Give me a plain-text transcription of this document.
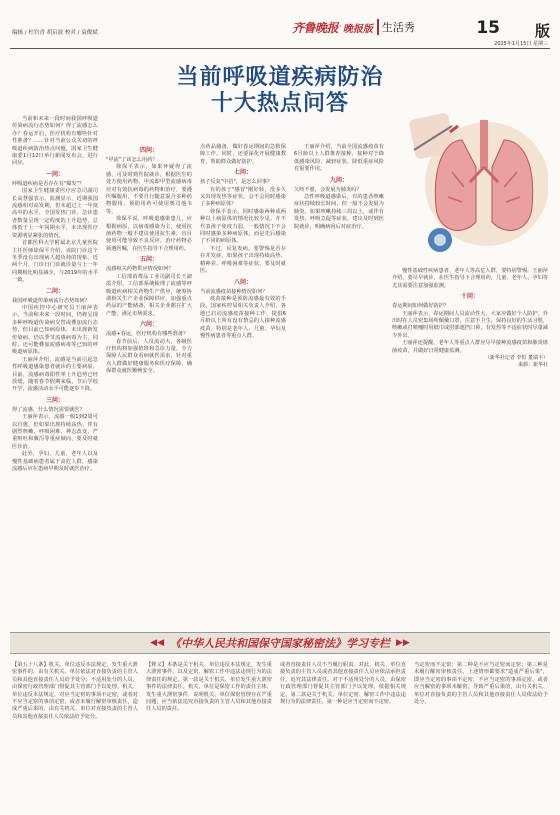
编辑 / 杜钓青 胡启波 校对 / 袁俊斌	齐鲁晚报 · 晚报版 生活秀	15 版
2025年1月15日 星期三
当前呼吸道疾病防治
十大热点问答

当前和未来一段时间我国呼吸道传染病流行态势如何？得了流感怎么办？春运开启，医疗机构有哪些针对性准备？……针对当前公众关切的呼吸道疾病防治热点问题，国家卫生健康委1月12日举行新闻发布会，进行回应。

一问：

呼吸道疾病是否存在有"爆发"？

国家卫生健康委医疗应急司副司长高慧强表示，监测显示，近期我国流感相对高发期，但未超过上一年度高中的水平，全国发热门诊、急诊患者数量呈现一定程度的上升趋势，总体低于上一年同期水平，未出现医疗资源明显紧张的情况。

首都医科大学附属北京儿童医院主任医师徐保平介绍，该院门诊这个冬季没有出现病人超负荷的现象。近两个月，门诊日门诊就诊量与上一年同期相比明显减少，与2019年的水平一致。

二问：

我国呼吸道传染病流行态势如何？

中国疾控中心研究员王丽萍表示，当前和未来一段时间，仍将呈现多种呼吸道传染病交替或叠加流行态势，但目前已知病原体，未出现新发传染病，仍以季节流感病毒为主，同时，还可能叠加流感病毒等已知的呼吸道病原体。

王丽萍介绍，流感是当前引起急性呼吸道感染患者就诊的主要病原。目前，流感病毒阳性率上升趋势已经放缓，随着春节假期来临，节后学校开学，流感活动水平可能逐步下降。

三问：

得了流感，什么情况需要就医？

王丽萍表示，流感一般1到2周可以自愈，但如果出现持续高热、伴有剧烈咳嗽、呼吸困难、神志改变、严重呕吐和腹泻等重症倾向，要及时就医诊治。

此外，孕妇、儿童、老年人以及慢性基础病患者属于高危人群，感染流感后应在患病早期及时就医治疗。

四问：

"甲流"了该怎么用药？

徐保平表示，如果怀疑得了流感，可及时到医院就诊，根据医生的处方使用药物。甲流即甲型流感病毒应对有效抗病毒的药物和治疗，要遵医嘱服用，不要自行随意混合多种药物服用，预防用药可使用奥司他韦等。

徐保平说，呼吸道感染患儿，应根据病原，以病毒感染为主，使用抗菌药物一般不建议使用抗生素，盲目使用可能导致不良反应。治疗药物必须遵医嘱，在医生指导下合理用药。

五问：

流感相关药物供应情况如何？

工信部消费品工业司副司长王淑霞介绍，工信部系统梳理了流感等呼吸道疾病相关药物生产供应，统筹协调相关生产企业保障供应，加强重点药品的产能储备，相关企业都在扩大产能，满足市场需求。

六问：

流感+春运，医疗机构有哪些准备？

春节前后，人员流动大，各级医疗机构将加强值班和急诊力量，全力保障人民群众看病就医需求，针对重点人群做好健康服务和医疗保障，确保群众就医顺畅安全。

点药品储备，做好春运期间的急救保障工作，同时，还要深化开展健康教育，帮助群众做好防护。

七问：

孩子反复"中招"，是怎么回事？

有的孩子"感冒"刚好转，没多久又出现发热等症状，会不会同时感染了多种病原体？

徐保平表示，同时感染两种或两种以上病原体的情况比较少见。并不代表孩子免疫力弱，一般情况下不会同时感染多种病原体，而是先后感染了不同的病原体。

不过，反复发病，要警惕是否存在并发症，如果孩子出现持续高热、精神差、呼吸困难等症状，要及时就医。

八问：

当前流感疫苗接种情况如何？

疫苗接种是预防流感最有效的手段。国家疾控局相关负责人介绍，各地已启动流感疫苗接种工作，提倡6月龄以上所有没有禁忌的人接种流感疫苗，特别是老年人、儿童、孕妇及慢性病患者等重点人群。

王丽萍介绍，当前全国流感疫苗有6月龄以上人群推荐接种，接种对于降低感染风险、减轻症状、降低重症风险有重要作用。

九问：

久咳不愈，会发展为肺炎吗？

急性呼吸道感染后，有的患者咳嗽症状持续较长时间，但一般不会发展为肺炎。如果咳嗽持续三周以上，或伴有发热、呼吸急促等症状，建议及时到医院就诊，明确病因后对症治疗。

慢性基础性疾病患者、老年人等高危人群，要特别警惕。王丽萍介绍，要尽早就诊，在医生指导下合理用药，儿童、老年人、孕妇等尤其需要注意加强监测。

十问：

春运期间如何做好防护？

王丽萍表示，春运期间人员流动性大，大家应做好个人防护，外出时在人员密集场所佩戴口罩，注意手卫生，保持良好的生活习惯，咳嗽或打喷嚏时用纸巾或肘部遮挡口鼻，有发热等不适症状时尽量减少外出。

王丽萍还提醒，老年人等重点人群应尽早接种流感疫苗和肺炎球菌疫苗，并做好日常健康监测。

（新华社记者 李恒 董瑞丰）

来源：新华社

◀◀ 《中华人民共和国保守国家秘密法》学习专栏 ▶▶
【第五十八条】机关、单位违反本法规定，发生重大泄密事件的，由有关机关、单位依法对直接负责的主管人员和其他直接责任人员给予处分；不适用处分的人员，由保密行政管理部门督促其主管部门予以处理。机关、单位违反本法规定，对应当定密的事项不定密，或者对不应当定密的事项定密，或者未履行解密审核责任，造成严重后果的，由有关机关、单位对直接负责的主管人员和其他直接责任人员依法给予处分。
【释义】本条是关于机关、单位违反本法规定，发生重大泄密事件，以及定密、解密工作中违法违规行为的法律责任的规定。第一款是关于机关、单位发生重大泄密事件的法律责任。机关、单位是保密工作的责任主体，发生重大泄密事件，说明机关、单位保密管理存在严重问题，应当依法追究直接负责的主管人员和其他直接责任人员的责任。
或者直接责任人员不当履行职责。对此，机关、单位直接负责的主管人员或者其他直接责任人员应依法承担责任，追究其法律责任。对于不适用处分的人员，由保密行政管理部门督促其主管部门予以处理，依据相关规定。第二款是关于机关、单位定密、解密工作中违法违规行为的法律责任。第一种是应当定密而不定密。
当定密而不定密；第二种是不应当定密而定密；第三种是未履行解密审核责任。上述情形都要求"造成严重后果"，即应当定密的事项不定密，不应当定密的事项定密，或者应当解密的事项未解密，导致严重后果的，由有关机关、单位对直接负责的主管人员和其他直接责任人员依法给予处分。
